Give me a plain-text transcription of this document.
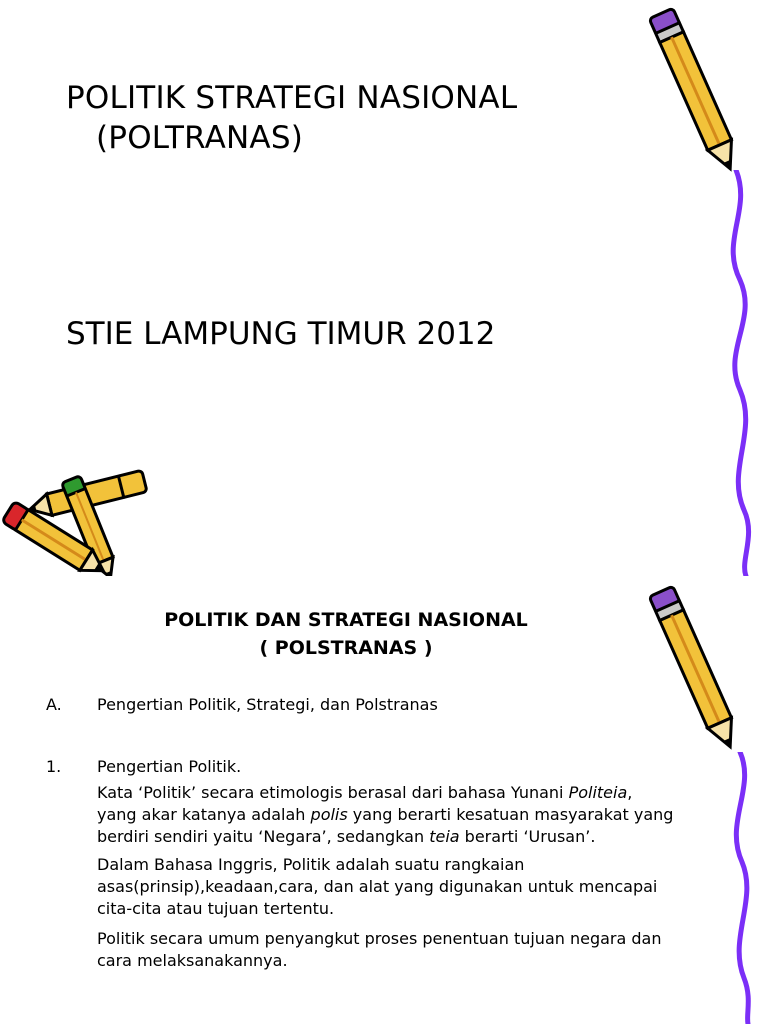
POLITIK STRATEGI NASIONAL

(POLTRANAS)
STIE LAMPUNG TIMUR 2012
POLITIK DAN STRATEGI NASIONAL
( POLSTRANAS )
A. Pengertian Politik, Strategi, dan Polstranas
1. Pengertian Politik.
Kata ‘Politik’ secara etimologis berasal dari bahasa Yunani Politeia,
yang akar katanya adalah polis yang berarti kesatuan masyarakat yang
berdiri sendiri yaitu ‘Negara’, sedangkan teia berarti ‘Urusan’.
Dalam Bahasa Inggris, Politik adalah suatu rangkaian
asas(prinsip),keadaan,cara, dan alat yang digunakan untuk mencapai
cita-cita atau tujuan tertentu.
Politik secara umum penyangkut proses penentuan tujuan negara dan
cara melaksanakannya.
